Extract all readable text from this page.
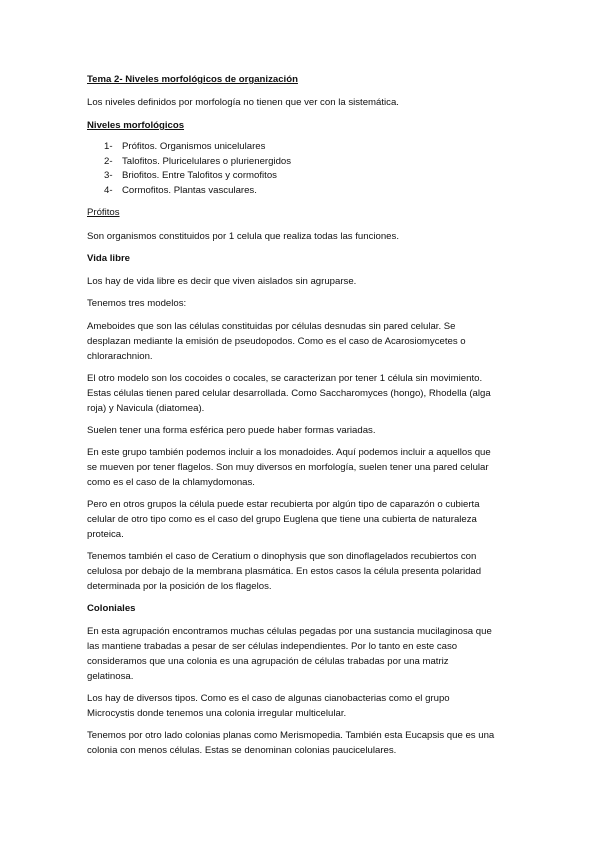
Tema 2- Niveles morfológicos de organización
Los niveles definidos por morfología no tienen que ver con la sistemática.
Niveles morfológicos
1- Prófitos. Organismos unicelulares
2- Talofitos. Pluricelulares o plurienergidos
3- Briofitos. Entre Talofitos y cormofitos
4- Cormofitos. Plantas vasculares.
Prófitos
Son organismos constituidos por 1 celula que realiza todas las funciones.
Vida libre
Los hay de vida libre es decir que viven aislados sin agruparse.
Tenemos tres modelos:
Ameboides que son las células constituidas por células desnudas sin pared celular. Se
desplazan mediante la emisión de pseudopodos. Como es el caso de Acarosiomycetes o
chlorarachnion.
El otro modelo son los cocoides o cocales, se caracterizan por tener 1 célula sin movimiento.
Estas células tienen pared celular desarrollada. Como Saccharomyces (hongo), Rhodella (alga
roja) y Navicula (diatomea).
Suelen tener una forma esférica pero puede haber formas variadas.
En este grupo también podemos incluir a los monadoides. Aquí podemos incluir a aquellos que
se mueven por tener flagelos. Son muy diversos en morfología, suelen tener una pared celular
como es el caso de la chlamydomonas.
Pero en otros grupos la célula puede estar recubierta por algún tipo de caparazón o cubierta
celular de otro tipo como es el caso del grupo Euglena que tiene una cubierta de naturaleza
proteica.
Tenemos también el caso de Ceratium o dinophysis que son dinoflagelados recubiertos con
celulosa por debajo de la membrana plasmática. En estos casos la célula presenta polaridad
determinada por la posición de los flagelos.
Coloniales
En esta agrupación encontramos muchas células pegadas por una sustancia mucilaginosa que
las mantiene trabadas a pesar de ser células independientes. Por lo tanto en este caso
consideramos que una colonia es una agrupación de células trabadas por una matriz
gelatinosa.
Los hay de diversos tipos. Como es el caso de algunas cianobacterias como el grupo
Microcystis donde tenemos una colonia irregular multicelular.
Tenemos por otro lado colonias planas como Merismopedia. También esta Eucapsis que es una
colonia con menos células. Estas se denominan colonias paucicelulares.
